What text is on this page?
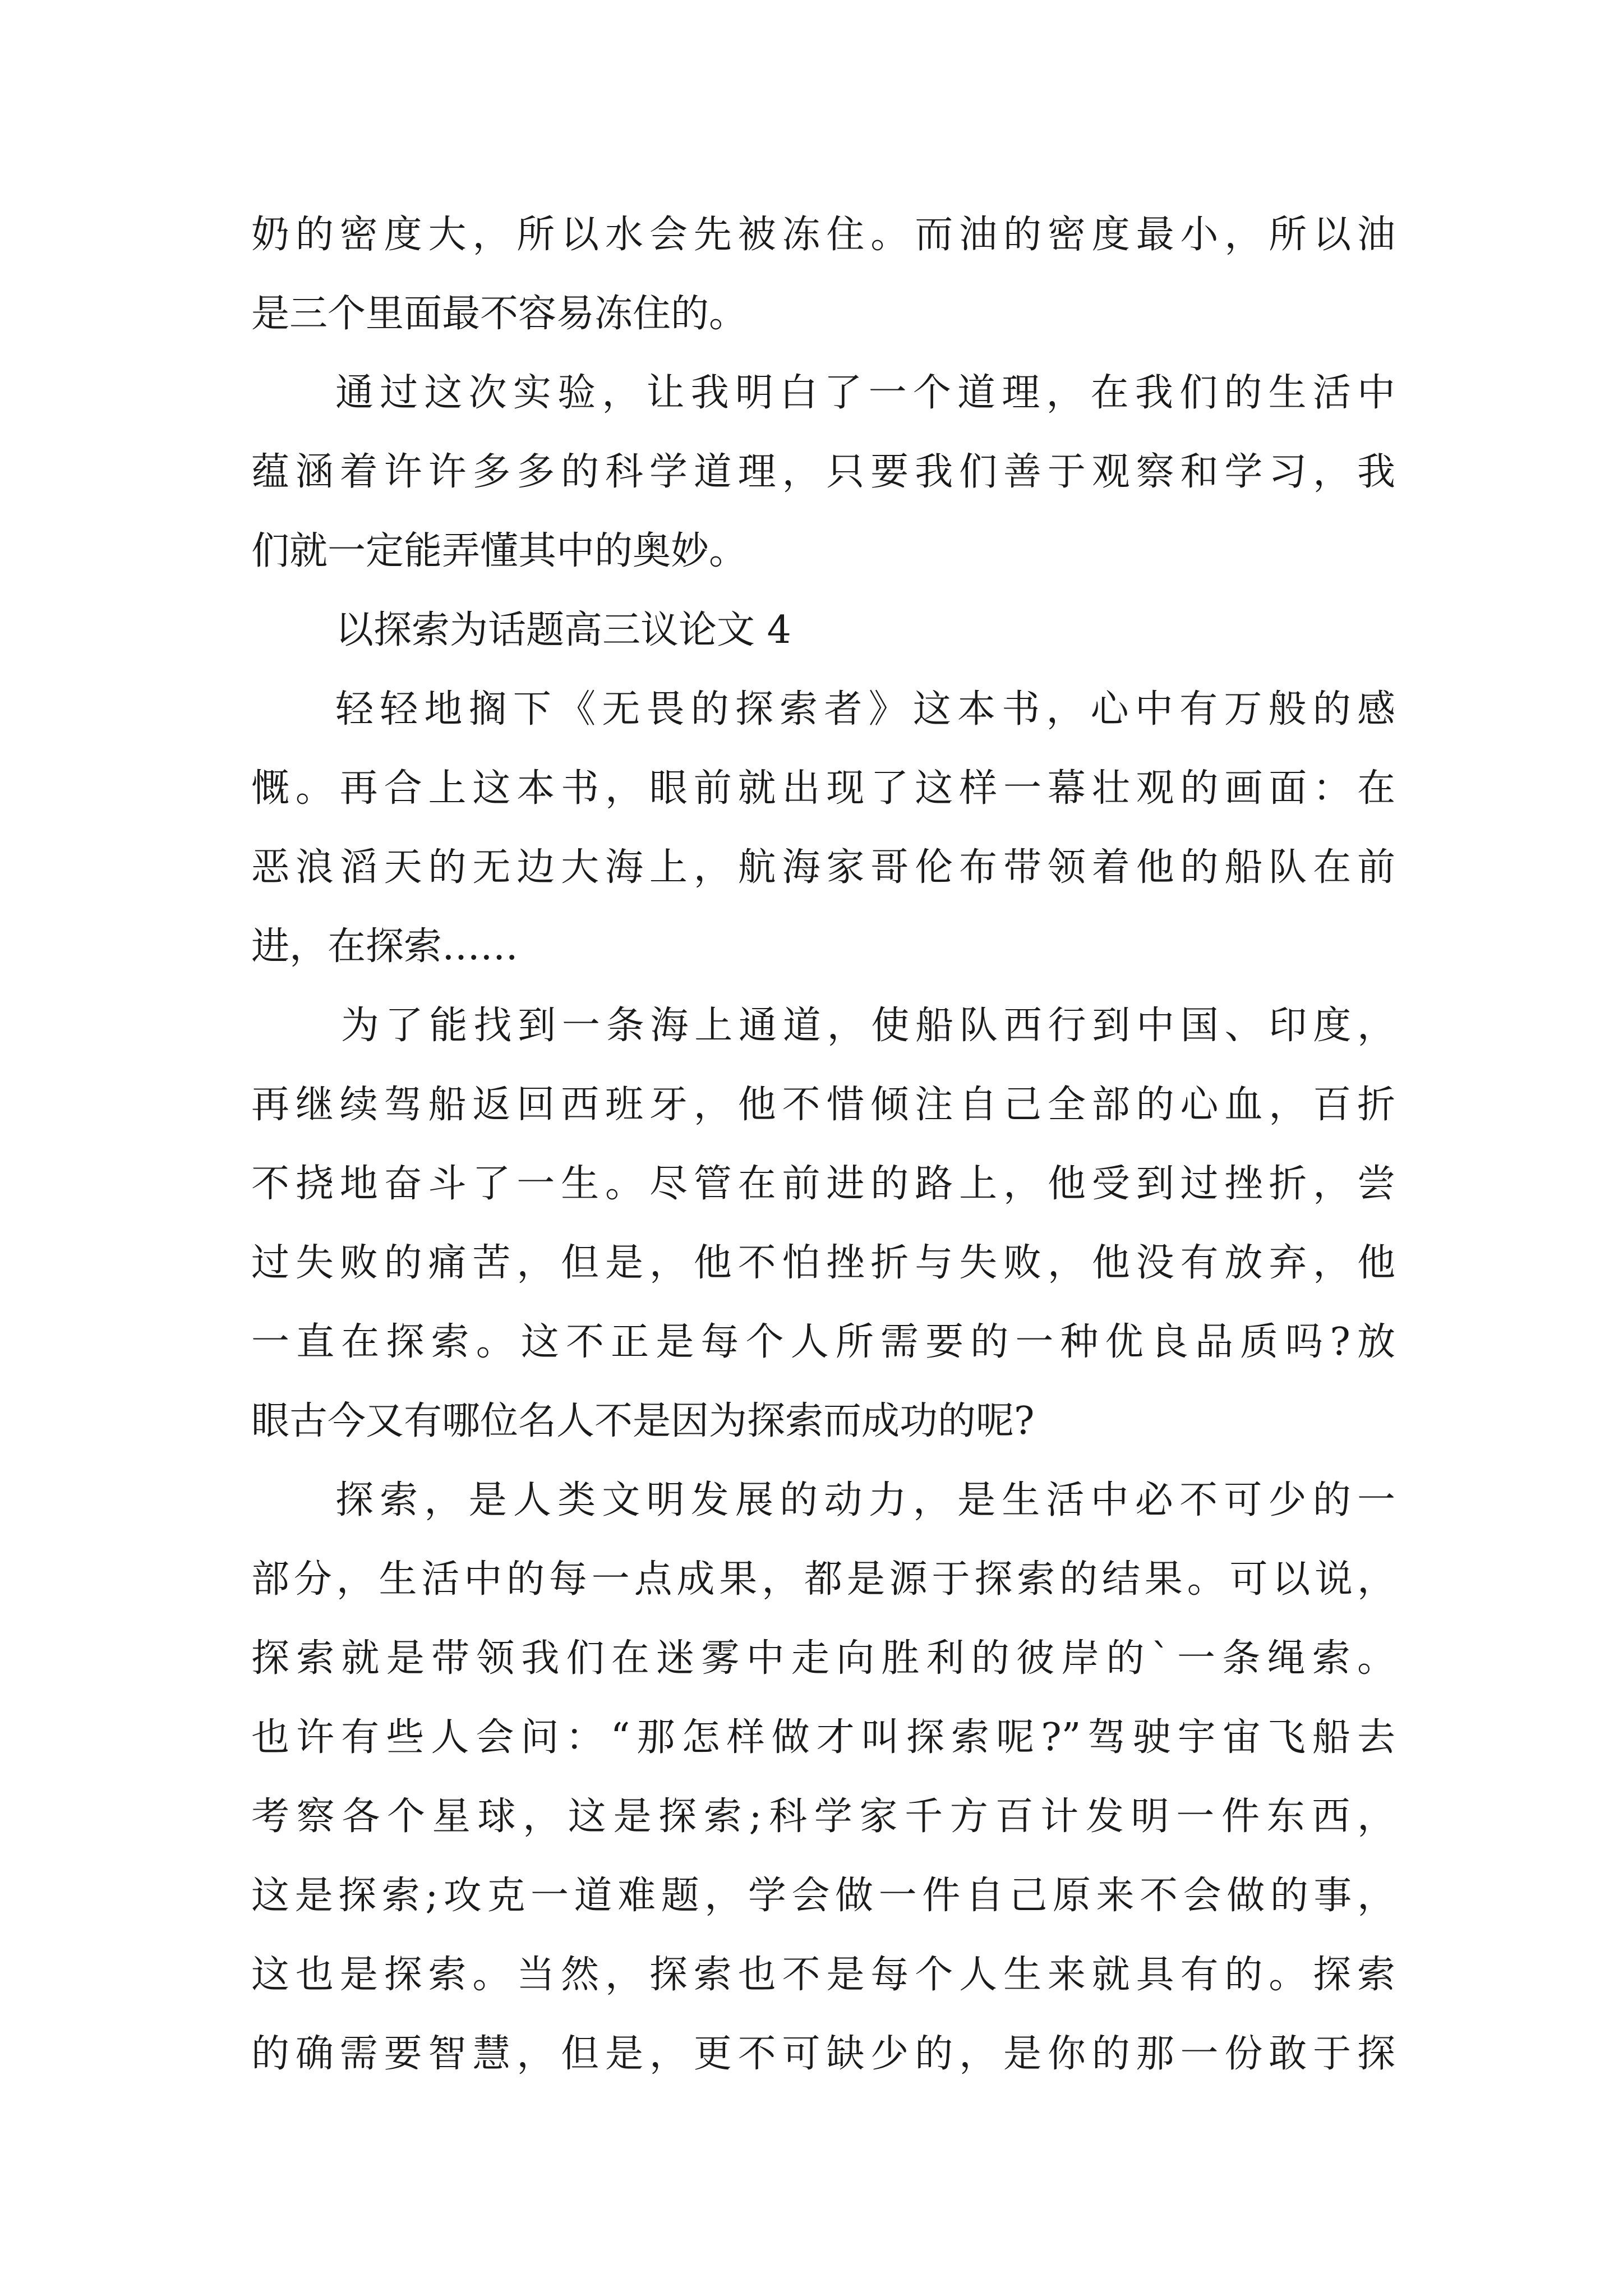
奶的密度大，所以水会先被冻住。而油的密度最小，所以油
是三个里面最不容易冻住的。
通过这次实验，让我明白了一个道理，在我们的生活中
蕴涵着许许多多的科学道理，只要我们善于观察和学习，我
们就一定能弄懂其中的奥妙。
以探索为话题高三议论文 4
轻轻地搁下《无畏的探索者》这本书，心中有万般的感
慨。再合上这本书，眼前就出现了这样一幕壮观的画面：在
恶浪滔天的无边大海上，航海家哥伦布带领着他的船队在前
进，在探索……
为了能找到一条海上通道，使船队西行到中国、印度，
再继续驾船返回西班牙，他不惜倾注自己全部的心血，百折
不挠地奋斗了一生。尽管在前进的路上，他受到过挫折，尝
过失败的痛苦，但是，他不怕挫折与失败，他没有放弃，他
一直在探索。这不正是每个人所需要的一种优良品质吗?放
眼古今又有哪位名人不是因为探索而成功的呢?
探索，是人类文明发展的动力，是生活中必不可少的一
部分，生活中的每一点成果，都是源于探索的结果。可以说，
探索就是带领我们在迷雾中走向胜利的彼岸的`一条绳索。
也许有些人会问：“那怎样做才叫探索呢?”驾驶宇宙飞船去
考察各个星球，这是探索;科学家千方百计发明一件东西，
这是探索;攻克一道难题，学会做一件自己原来不会做的事，
这也是探索。当然，探索也不是每个人生来就具有的。探索
的确需要智慧，但是，更不可缺少的，是你的那一份敢于探
